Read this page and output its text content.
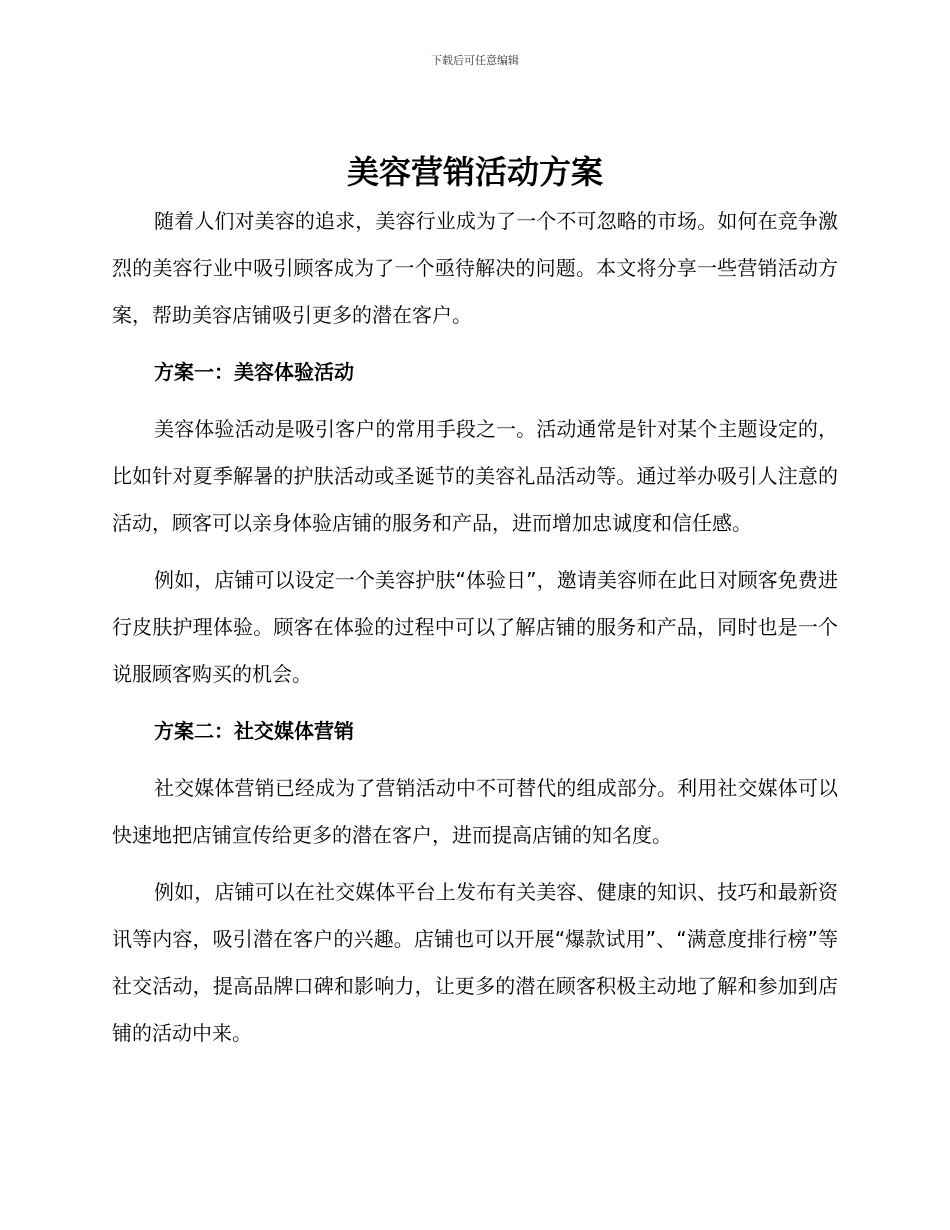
下载后可任意编辑
美容营销活动方案

随着人们对美容的追求，美容行业成为了一个不可忽略的市场。如何在竞争激烈的美容行业中吸引顾客成为了一个亟待解决的问题。本文将分享一些营销活动方案，帮助美容店铺吸引更多的潜在客户。

方案一：美容体验活动

美容体验活动是吸引客户的常用手段之一。活动通常是针对某个主题设定的，比如针对夏季解暑的护肤活动或圣诞节的美容礼品活动等。通过举办吸引人注意的活动，顾客可以亲身体验店铺的服务和产品，进而增加忠诚度和信任感。

例如，店铺可以设定一个美容护肤“体验日”，邀请美容师在此日对顾客免费进行皮肤护理体验。顾客在体验的过程中可以了解店铺的服务和产品，同时也是一个说服顾客购买的机会。

方案二：社交媒体营销

社交媒体营销已经成为了营销活动中不可替代的组成部分。利用社交媒体可以快速地把店铺宣传给更多的潜在客户，进而提高店铺的知名度。

例如，店铺可以在社交媒体平台上发布有关美容、健康的知识、技巧和最新资讯等内容，吸引潜在客户的兴趣。店铺也可以开展“爆款试用”、“满意度排行榜”等社交活动，提高品牌口碑和影响力，让更多的潜在顾客积极主动地了解和参加到店铺的活动中来。
